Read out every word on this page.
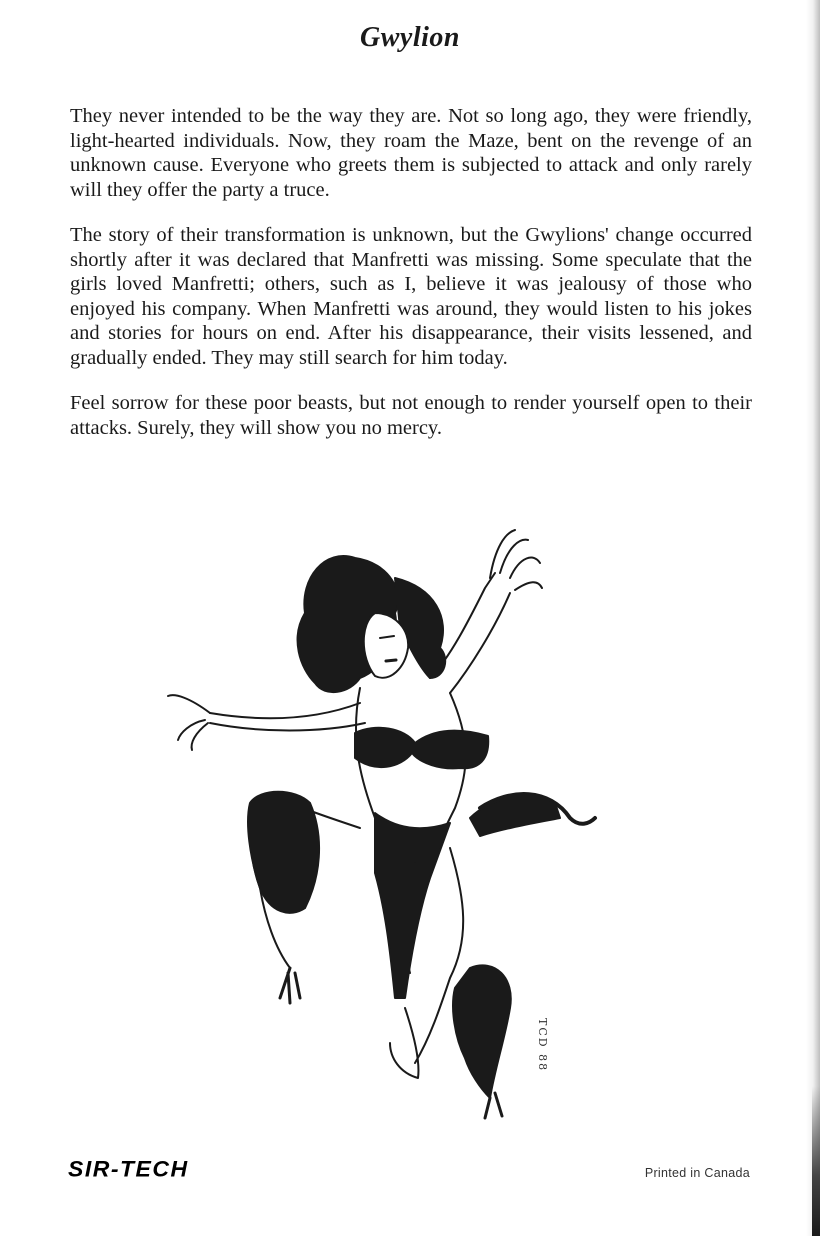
Gwylion

They never intended to be the way they are. Not so long ago, they were friendly, light-hearted individuals. Now, they roam the Maze, bent on the revenge of an unknown cause. Everyone who greets them is subjected to attack and only rarely will they offer the party a truce.

The story of their transformation is unknown, but the Gwylions' change occurred shortly after it was declared that Manfretti was missing. Some speculate that the girls loved Manfretti; others, such as I, believe it was jealousy of those who enjoyed his company. When Manfretti was around, they would listen to his jokes and stories for hours on end. After his disappearance, their visits lessened, and gradually ended. They may still search for him today.

Feel sorrow for these poor beasts, but not enough to render yourself open to their attacks. Surely, they will show you no mercy.

TCD 88
SIR-TECH	Printed in Canada
